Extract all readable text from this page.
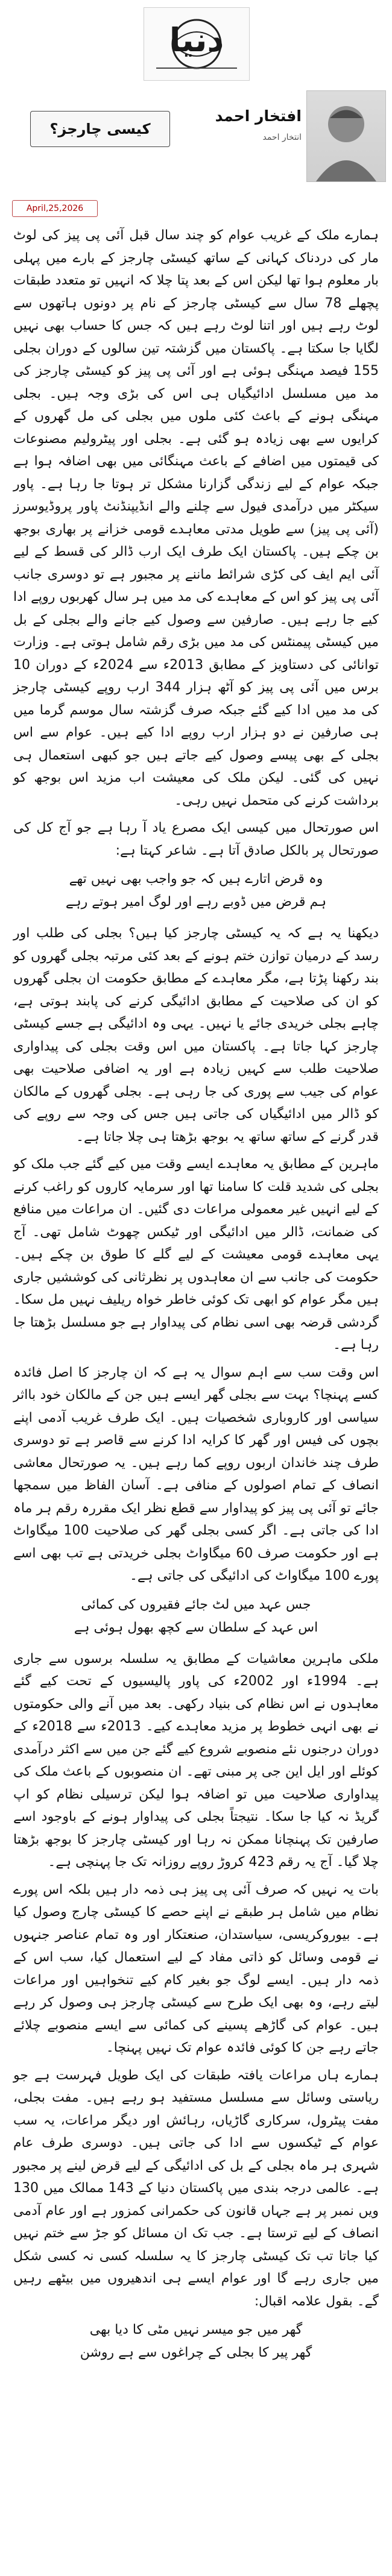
دنیا
کیسی چارجز؟
افتخار احمد
انتخار احمد
April,25,2026

ہمارے ملک کے غریب عوام کو چند سال قبل آئی پی پیز کی لوٹ مار کی دردناک کہانی کے ساتھ کیسٹی چارجز کے بارے میں پہلی بار معلوم ہوا تھا لیکن اس کے بعد پتا چلا کہ انہیں تو متعدد طبقات پچھلے 78 سال سے کیسٹی چارجز کے نام پر دونوں ہاتھوں سے لوٹ رہے ہیں اور اتنا لوٹ رہے ہیں کہ جس کا حساب بھی نہیں لگایا جا سکتا ہے۔ پاکستان میں گزشتہ تین سالوں کے دوران بجلی 155 فیصد مہنگی ہوئی ہے اور آئی پی پیز کو کیسٹی چارجز کی مد میں مسلسل ادائیگیاں ہی اس کی بڑی وجہ ہیں۔ بجلی مہنگی ہونے کے باعث کئی ملوں میں بجلی کی مل گھروں کے کرایوں سے بھی زیادہ ہو گئی ہے۔ بجلی اور پیٹرولیم مصنوعات کی قیمتوں میں اضافے کے باعث مہنگائی میں بھی اضافہ ہوا ہے جبکہ عوام کے لیے زندگی گزارنا مشکل تر ہوتا جا رہا ہے۔ پاور سیکٹر میں درآمدی فیول سے چلنے والے انڈیپنڈنٹ پاور پروڈیوسرز (آئی پی پیز) سے طویل مدتی معاہدے قومی خزانے پر بھاری بوجھ بن چکے ہیں۔ پاکستان ایک طرف ایک ارب ڈالر کی قسط کے لیے آئی ایم ایف کی کڑی شرائط ماننے پر مجبور ہے تو دوسری جانب آئی پی پیز کو اس کے معاہدے کی مد میں ہر سال کھربوں روپے ادا کیے جا رہے ہیں۔ صارفین سے وصول کیے جانے والے بجلی کے بل میں کیسٹی پیمنٹس کی مد میں بڑی رقم شامل ہوتی ہے۔ وزارت توانائی کی دستاویز کے مطابق 2013ء سے 2024ء کے دوران 10 برس میں آئی پی پیز کو آٹھ ہزار 344 ارب روپے کیسٹی چارجز کی مد میں ادا کیے گئے جبکہ صرف گزشتہ سال موسم گرما میں ہی صارفین نے دو ہزار ارب روپے ادا کیے ہیں۔ عوام سے اس بجلی کے بھی پیسے وصول کیے جاتے ہیں جو کبھی استعمال ہی نہیں کی گئی۔ لیکن ملک کی معیشت اب مزید اس بوجھ کو برداشت کرنے کی متحمل نہیں رہی۔

اس صورتحال میں کیسی ایک مصرع یاد آ رہا ہے جو آج کل کی صورتحال پر بالکل صادق آتا ہے۔ شاعر کہتا ہے:

وہ قرض اتارے ہیں کہ جو واجب بھی نہیں تھے
ہم قرض میں ڈوبے رہے اور لوگ امیر ہوتے رہے

دیکھنا یہ ہے کہ یہ کیسٹی چارجز کیا ہیں؟ بجلی کی طلب اور رسد کے درمیان توازن ختم ہونے کے بعد کئی مرتبہ بجلی گھروں کو بند رکھنا پڑتا ہے، مگر معاہدے کے مطابق حکومت ان بجلی گھروں کو ان کی صلاحیت کے مطابق ادائیگی کرنے کی پابند ہوتی ہے، چاہے بجلی خریدی جائے یا نہیں۔ یہی وہ ادائیگی ہے جسے کیسٹی چارجز کہا جاتا ہے۔ پاکستان میں اس وقت بجلی کی پیداواری صلاحیت طلب سے کہیں زیادہ ہے اور یہ اضافی صلاحیت بھی عوام کی جیب سے پوری کی جا رہی ہے۔ بجلی گھروں کے مالکان کو ڈالر میں ادائیگیاں کی جاتی ہیں جس کی وجہ سے روپے کی قدر گرنے کے ساتھ ساتھ یہ بوجھ بڑھتا ہی چلا جاتا ہے۔

ماہرین کے مطابق یہ معاہدے ایسے وقت میں کیے گئے جب ملک کو بجلی کی شدید قلت کا سامنا تھا اور سرمایہ کاروں کو راغب کرنے کے لیے انہیں غیر معمولی مراعات دی گئیں۔ ان مراعات میں منافع کی ضمانت، ڈالر میں ادائیگی اور ٹیکس چھوٹ شامل تھی۔ آج یہی معاہدے قومی معیشت کے لیے گلے کا طوق بن چکے ہیں۔ حکومت کی جانب سے ان معاہدوں پر نظرثانی کی کوششیں جاری ہیں مگر عوام کو ابھی تک کوئی خاطر خواہ ریلیف نہیں مل سکا۔ گردشی قرضہ بھی اسی نظام کی پیداوار ہے جو مسلسل بڑھتا جا رہا ہے۔

اس وقت سب سے اہم سوال یہ ہے کہ ان چارجز کا اصل فائدہ کسے پہنچا؟ بہت سے بجلی گھر ایسے ہیں جن کے مالکان خود بااثر سیاسی اور کاروباری شخصیات ہیں۔ ایک طرف غریب آدمی اپنے بچوں کی فیس اور گھر کا کرایہ ادا کرنے سے قاصر ہے تو دوسری طرف چند خاندان اربوں روپے کما رہے ہیں۔ یہ صورتحال معاشی انصاف کے تمام اصولوں کے منافی ہے۔ آسان الفاظ میں سمجھا جائے تو آئی پی پیز کو پیداوار سے قطع نظر ایک مقررہ رقم ہر ماہ ادا کی جاتی ہے۔ اگر کسی بجلی گھر کی صلاحیت 100 میگاواٹ ہے اور حکومت صرف 60 میگاواٹ بجلی خریدتی ہے تب بھی اسے پورے 100 میگاواٹ کی ادائیگی کی جاتی ہے۔

جس عہد میں لٹ جائے فقیروں کی کمائی
اس عہد کے سلطان سے کچھ بھول ہوئی ہے

ملکی ماہرین معاشیات کے مطابق یہ سلسلہ برسوں سے جاری ہے۔ 1994ء اور 2002ء کی پاور پالیسیوں کے تحت کیے گئے معاہدوں نے اس نظام کی بنیاد رکھی۔ بعد میں آنے والی حکومتوں نے بھی انہی خطوط پر مزید معاہدے کیے۔ 2013ء سے 2018ء کے دوران درجنوں نئے منصوبے شروع کیے گئے جن میں سے اکثر درآمدی کوئلے اور ایل این جی پر مبنی تھے۔ ان منصوبوں کے باعث ملک کی پیداواری صلاحیت میں تو اضافہ ہوا لیکن ترسیلی نظام کو اپ گریڈ نہ کیا جا سکا۔ نتیجتاً بجلی کی پیداوار ہونے کے باوجود اسے صارفین تک پہنچانا ممکن نہ رہا اور کیسٹی چارجز کا بوجھ بڑھتا چلا گیا۔ آج یہ رقم 423 کروڑ روپے روزانہ تک جا پہنچی ہے۔

بات یہ نہیں کہ صرف آئی پی پیز ہی ذمہ دار ہیں بلکہ اس پورے نظام میں شامل ہر طبقے نے اپنے حصے کا کیسٹی چارج وصول کیا ہے۔ بیوروکریسی، سیاستدان، صنعتکار اور وہ تمام عناصر جنہوں نے قومی وسائل کو ذاتی مفاد کے لیے استعمال کیا، سب اس کے ذمہ دار ہیں۔ ایسے لوگ جو بغیر کام کیے تنخواہیں اور مراعات لیتے رہے، وہ بھی ایک طرح سے کیسٹی چارجز ہی وصول کر رہے ہیں۔ عوام کی گاڑھے پسینے کی کمائی سے ایسے منصوبے چلائے جاتے رہے جن کا کوئی فائدہ عوام تک نہیں پہنچا۔

ہمارے ہاں مراعات یافتہ طبقات کی ایک طویل فہرست ہے جو ریاستی وسائل سے مسلسل مستفید ہو رہے ہیں۔ مفت بجلی، مفت پیٹرول، سرکاری گاڑیاں، رہائش اور دیگر مراعات، یہ سب عوام کے ٹیکسوں سے ادا کی جاتی ہیں۔ دوسری طرف عام شہری ہر ماہ بجلی کے بل کی ادائیگی کے لیے قرض لینے پر مجبور ہے۔ عالمی درجہ بندی میں پاکستان دنیا کے 143 ممالک میں 130 ویں نمبر پر ہے جہاں قانون کی حکمرانی کمزور ہے اور عام آدمی انصاف کے لیے ترستا ہے۔ جب تک ان مسائل کو جڑ سے ختم نہیں کیا جاتا تب تک کیسٹی چارجز کا یہ سلسلہ کسی نہ کسی شکل میں جاری رہے گا اور عوام ایسے ہی اندھیروں میں بیٹھے رہیں گے۔ بقول علامہ اقبال:

گھر میں جو میسر نہیں مٹی کا دیا بھی
گھر پیر کا بجلی کے چراغوں سے ہے روشن
